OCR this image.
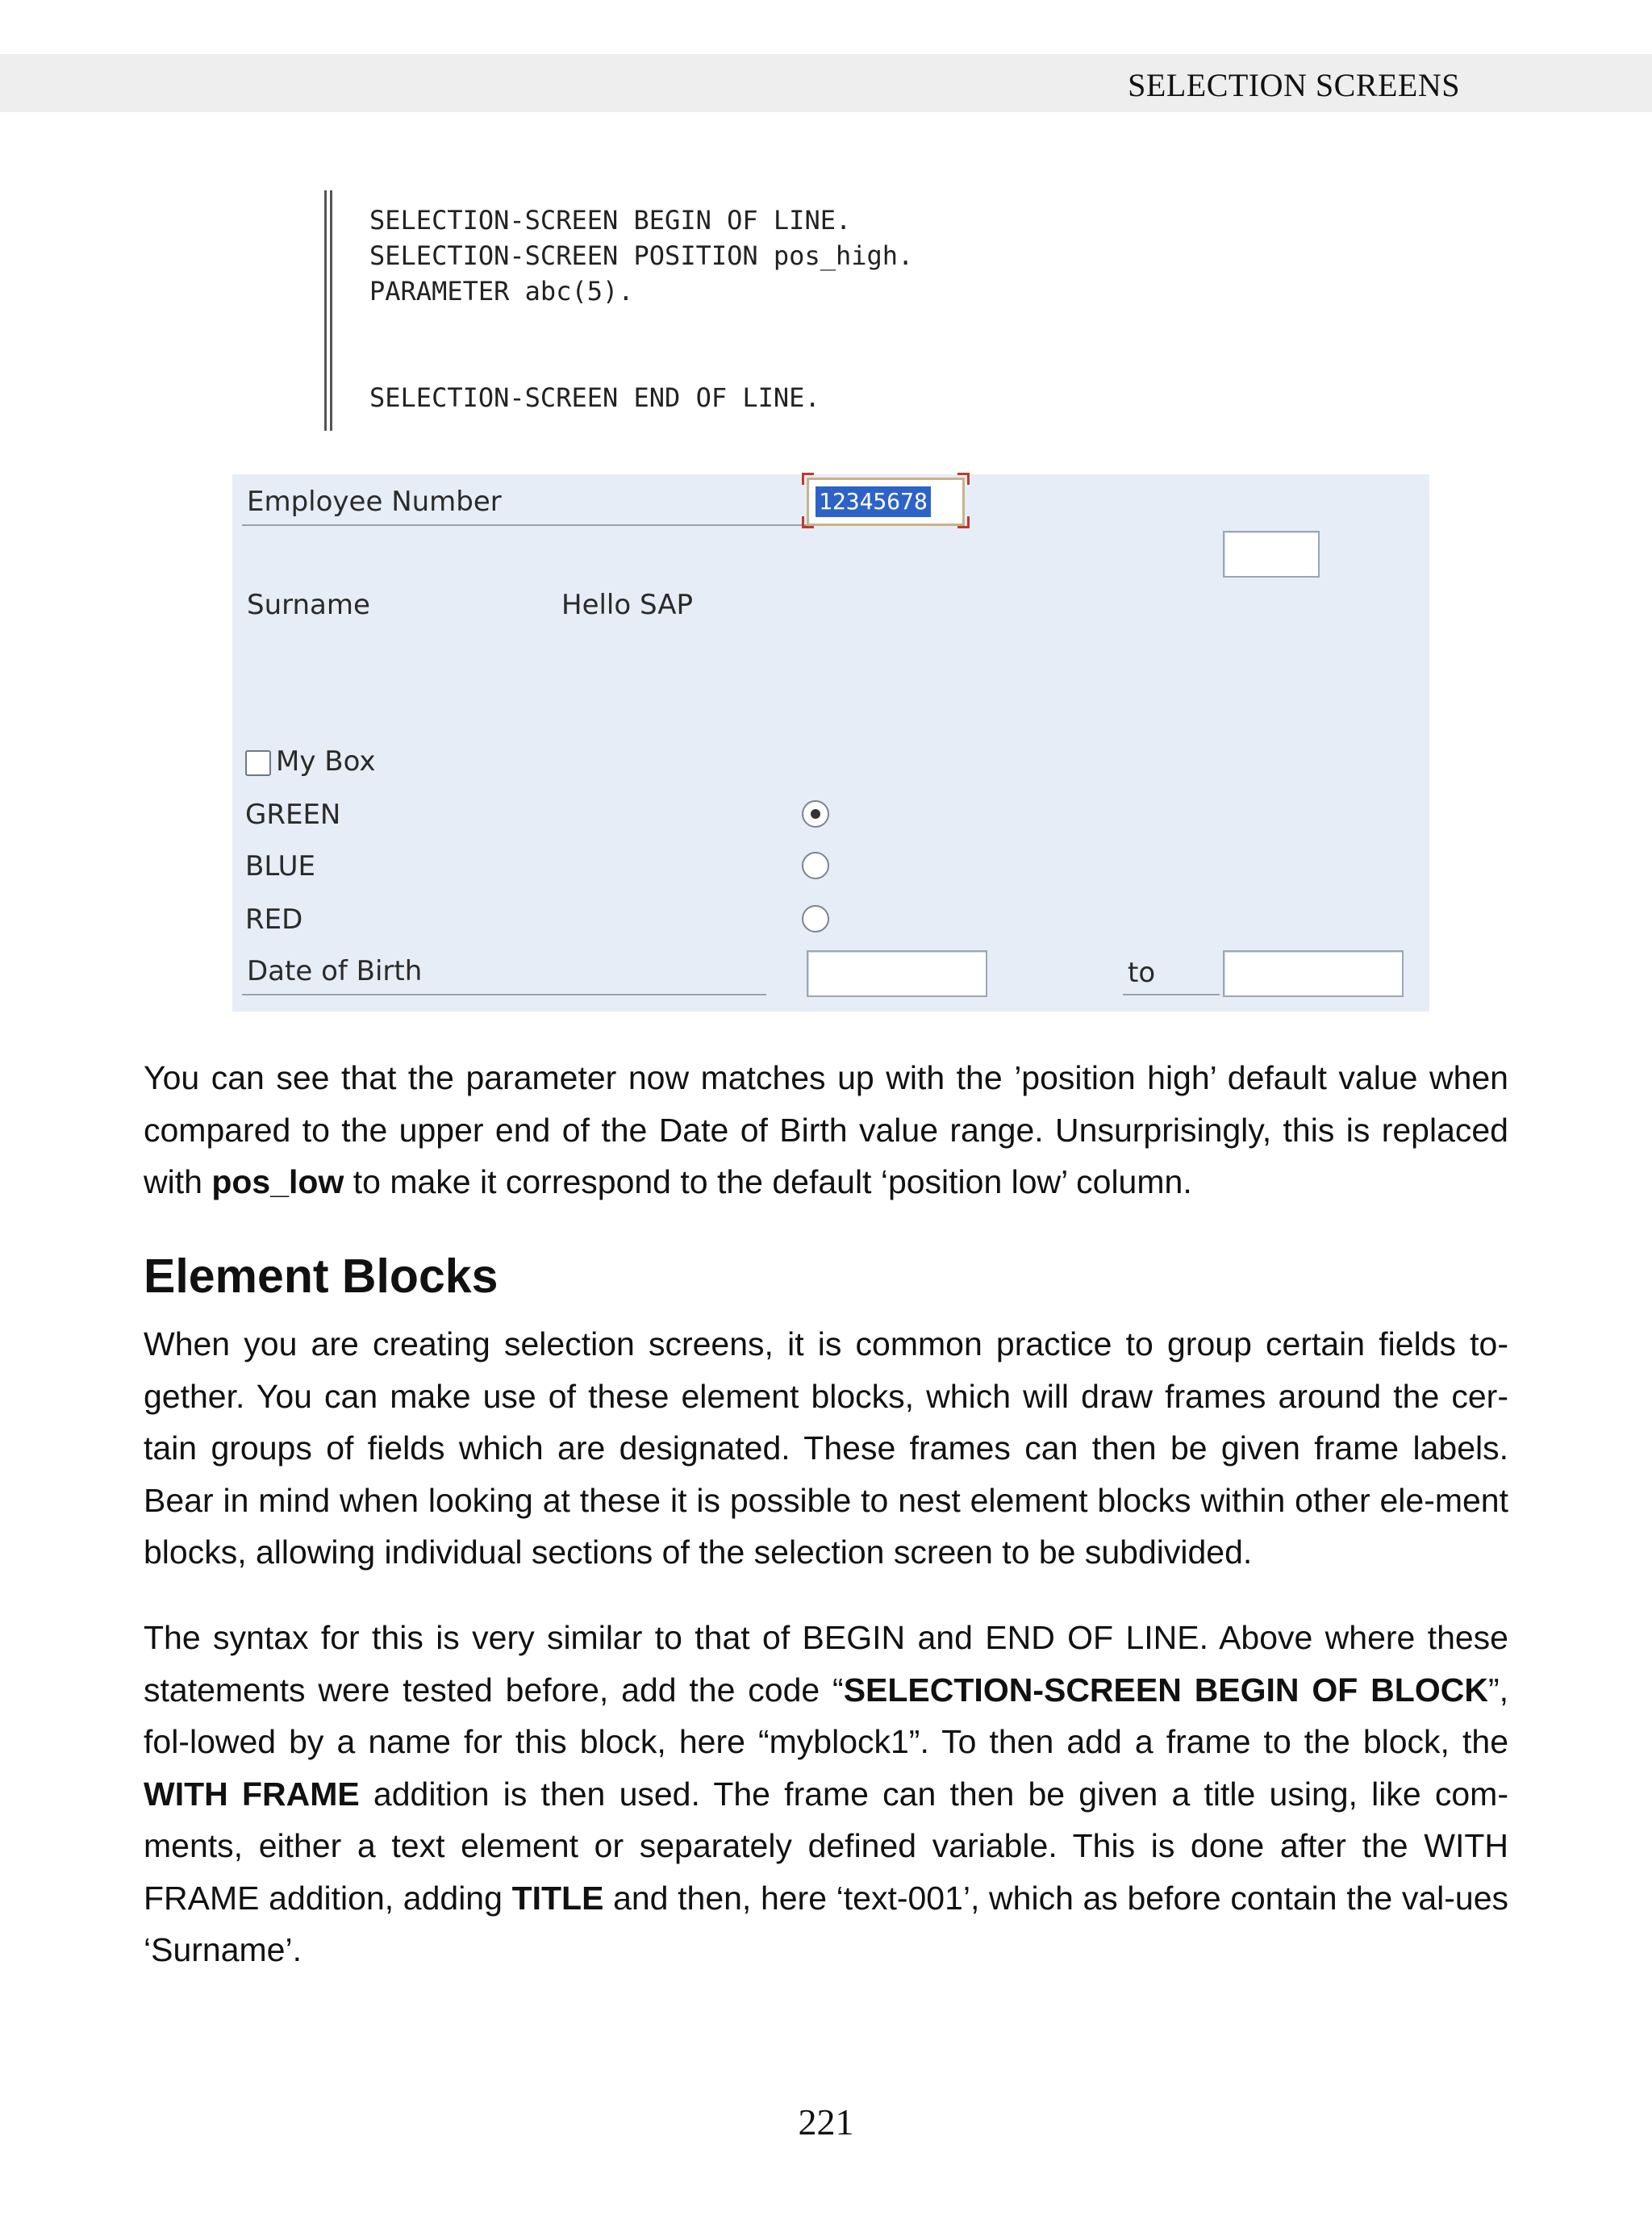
SELECTION SCREENS
SELECTION-SCREEN BEGIN OF LINE.
SELECTION-SCREEN POSITION pos_high.
PARAMETER abc(5).
SELECTION-SCREEN END OF LINE.
Employee Number	12345678
Surname	Hello SAP
My Box
GREEN
BLUE
RED
Date of Birth	to

You can see that the parameter now matches up with the ’position high’ default value when compared to the upper end of the Date of Birth value range. Unsurprisingly, this is replaced with pos_low to make it correspond to the default ‘position low’ column.

Element Blocks

When you are creating selection screens, it is common practice to group certain fields to-gether. You can make use of these element blocks, which will draw frames around the cer-tain groups of fields which are designated. These frames can then be given frame labels. Bear in mind when looking at these it is possible to nest element blocks within other ele-ment blocks, allowing individual sections of the selection screen to be subdivided.

The syntax for this is very similar to that of BEGIN and END OF LINE. Above where these statements were tested before, add the code “SELECTION-SCREEN BEGIN OF BLOCK”, fol-lowed by a name for this block, here “myblock1”. To then add a frame to the block, the WITH FRAME addition is then used. The frame can then be given a title using, like com-ments, either a text element or separately defined variable. This is done after the WITH FRAME addition, adding TITLE and then, here ‘text-001’, which as before contain the val-ues ‘Surname’.

221
